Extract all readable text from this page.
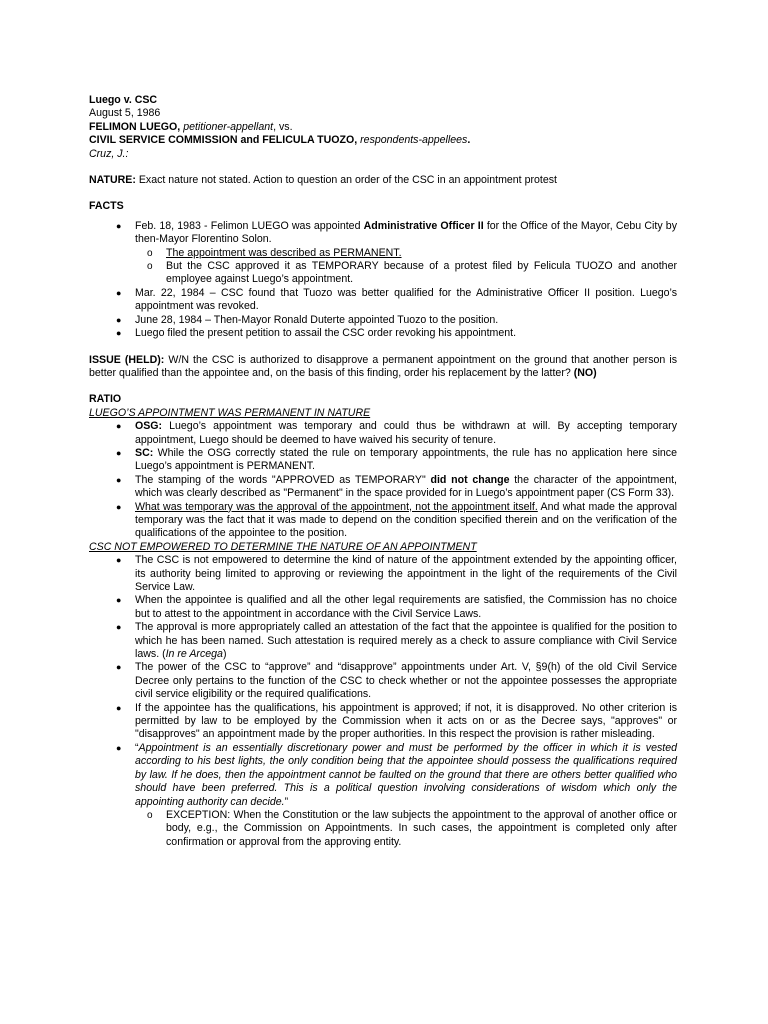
Luego v. CSC

August 5, 1986

FELIMON LUEGO, petitioner-appellant, vs.

CIVIL SERVICE COMMISSION and FELICULA TUOZO, respondents-appellees.

Cruz, J.:

NATURE: Exact nature not stated. Action to question an order of the CSC in an appointment protest

FACTS

● Feb. 18, 1983 - Felimon LUEGO was appointed Administrative Officer II for the Office of the Mayor, Cebu City by then-Mayor Florentino Solon.
o The appointment was described as PERMANENT.
o But the CSC approved it as TEMPORARY because of a protest filed by Felicula TUOZO and another employee against Luego’s appointment.
● Mar. 22, 1984 – CSC found that Tuozo was better qualified for the Administrative Officer II position. Luego’s appointment was revoked.
● June 28, 1984 – Then-Mayor Ronald Duterte appointed Tuozo to the position.
● Luego filed the present petition to assail the CSC order revoking his appointment.

ISSUE (HELD): W/N the CSC is authorized to disapprove a permanent appointment on the ground that another person is better qualified than the appointee and, on the basis of this finding, order his replacement by the latter? (NO)

RATIO

LUEGO’S APPOINTMENT WAS PERMANENT IN NATURE

● OSG: Luego’s appointment was temporary and could thus be withdrawn at will. By accepting temporary appointment, Luego should be deemed to have waived his security of tenure.
● SC: While the OSG correctly stated the rule on temporary appointments, the rule has no application here since Luego’s appointment is PERMANENT.
● The stamping of the words "APPROVED as TEMPORARY" did not change the character of the appointment, which was clearly described as "Permanent" in the space provided for in Luego’s appointment paper (CS Form 33).
● What was temporary was the approval of the appointment, not the appointment itself. And what made the approval temporary was the fact that it was made to depend on the condition specified therein and on the verification of the qualifications of the appointee to the position.

CSC NOT EMPOWERED TO DETERMINE THE NATURE OF AN APPOINTMENT

● The CSC is not empowered to determine the kind of nature of the appointment extended by the appointing officer, its authority being limited to approving or reviewing the appointment in the light of the requirements of the Civil Service Law.
● When the appointee is qualified and all the other legal requirements are satisfied, the Commission has no choice but to attest to the appointment in accordance with the Civil Service Laws.
● The approval is more appropriately called an attestation of the fact that the appointee is qualified for the position to which he has been named. Such attestation is required merely as a check to assure compliance with Civil Service laws. (In re Arcega)
● The power of the CSC to “approve” and “disapprove” appointments under Art. V, §9(h) of the old Civil Service Decree only pertains to the function of the CSC to check whether or not the appointee possesses the appropriate civil service eligibility or the required qualifications.
● If the appointee has the qualifications, his appointment is approved; if not, it is disapproved. No other criterion is permitted by law to be employed by the Commission when it acts on or as the Decree says, "approves" or "disapproves" an appointment made by the proper authorities. In this respect the provision is rather misleading.
● “Appointment is an essentially discretionary power and must be performed by the officer in which it is vested according to his best lights, the only condition being that the appointee should possess the qualifications required by law. If he does, then the appointment cannot be faulted on the ground that there are others better qualified who should have been preferred. This is a political question involving considerations of wisdom which only the appointing authority can decide.”
o EXCEPTION: When the Constitution or the law subjects the appointment to the approval of another office or body, e.g., the Commission on Appointments. In such cases, the appointment is completed only after confirmation or approval from the approving entity.
